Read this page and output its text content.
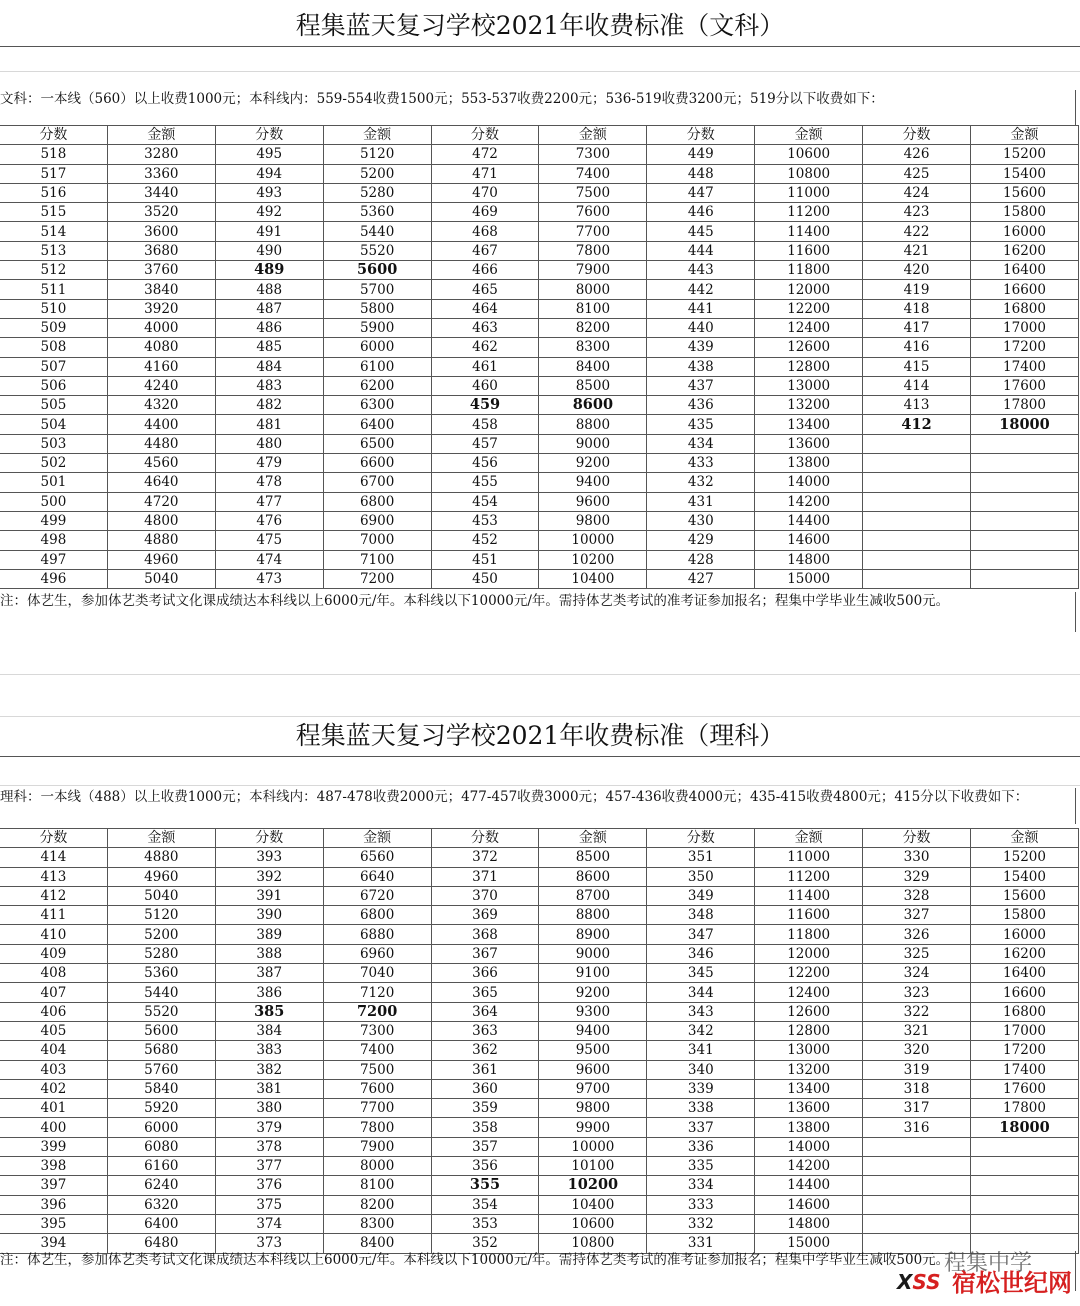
程集蓝天复习学校2021年收费标准（文科）
文科：一本线（560）以上收费1000元；本科线内：559-554收费1500元；553-537收费2200元；536-519收费3200元；519分以下收费如下：
分数	金额	分数	金额	分数	金额	分数	金额	分数	金额
518	3280	495	5120	472	7300	449	10600	426	15200
517	3360	494	5200	471	7400	448	10800	425	15400
516	3440	493	5280	470	7500	447	11000	424	15600
515	3520	492	5360	469	7600	446	11200	423	15800
514	3600	491	5440	468	7700	445	11400	422	16000
513	3680	490	5520	467	7800	444	11600	421	16200
512	3760	489	5600	466	7900	443	11800	420	16400
511	3840	488	5700	465	8000	442	12000	419	16600
510	3920	487	5800	464	8100	441	12200	418	16800
509	4000	486	5900	463	8200	440	12400	417	17000
508	4080	485	6000	462	8300	439	12600	416	17200
507	4160	484	6100	461	8400	438	12800	415	17400
506	4240	483	6200	460	8500	437	13000	414	17600
505	4320	482	6300	459	8600	436	13200	413	17800
504	4400	481	6400	458	8800	435	13400	412	18000
503	4480	480	6500	457	9000	434	13600		
502	4560	479	6600	456	9200	433	13800		
501	4640	478	6700	455	9400	432	14000		
500	4720	477	6800	454	9600	431	14200		
499	4800	476	6900	453	9800	430	14400		
498	4880	475	7000	452	10000	429	14600		
497	4960	474	7100	451	10200	428	14800		
496	5040	473	7200	450	10400	427	15000		
注：体艺生，参加体艺类考试文化课成绩达本科线以上6000元/年。本科线以下10000元/年。需持体艺类考试的准考证参加报名；程集中学毕业生减收500元。
程集蓝天复习学校2021年收费标准（理科）
理科：一本线（488）以上收费1000元；本科线内：487-478收费2000元；477-457收费3000元；457-436收费4000元；435-415收费4800元；415分以下收费如下：
分数	金额	分数	金额	分数	金额	分数	金额	分数	金额
414	4880	393	6560	372	8500	351	11000	330	15200
413	4960	392	6640	371	8600	350	11200	329	15400
412	5040	391	6720	370	8700	349	11400	328	15600
411	5120	390	6800	369	8800	348	11600	327	15800
410	5200	389	6880	368	8900	347	11800	326	16000
409	5280	388	6960	367	9000	346	12000	325	16200
408	5360	387	7040	366	9100	345	12200	324	16400
407	5440	386	7120	365	9200	344	12400	323	16600
406	5520	385	7200	364	9300	343	12600	322	16800
405	5600	384	7300	363	9400	342	12800	321	17000
404	5680	383	7400	362	9500	341	13000	320	17200
403	5760	382	7500	361	9600	340	13200	319	17400
402	5840	381	7600	360	9700	339	13400	318	17600
401	5920	380	7700	359	9800	338	13600	317	17800
400	6000	379	7800	358	9900	337	13800	316	18000
399	6080	378	7900	357	10000	336	14000		
398	6160	377	8000	356	10100	335	14200		
397	6240	376	8100	355	10200	334	14400		
396	6320	375	8200	354	10400	333	14600		
395	6400	374	8300	353	10600	332	14800		
394	6480	373	8400	352	10800	331	15000		
注：体艺生，参加体艺类考试文化课成绩达本科线以上6000元/年。本科线以下10000元/年。需持体艺类考试的准考证参加报名；程集中学毕业生减收500元。
程集中学
XSS 宿松世纪网
